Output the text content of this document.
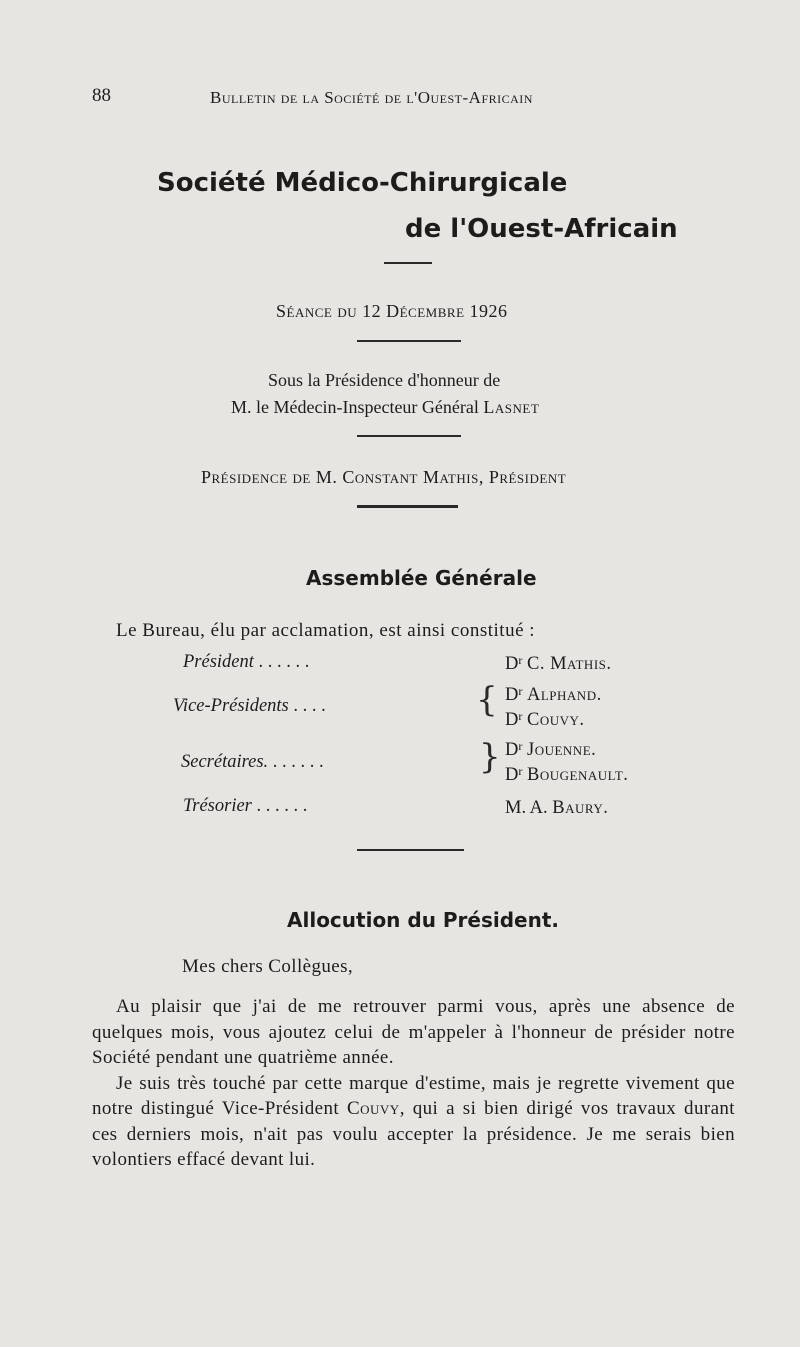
88	Bulletin de la Société de l'Ouest-Africain
Société Médico-Chirurgicale
de l'Ouest-Africain
Séance du 12 Décembre 1926
Sous la Présidence d'honneur de
M. le Médecin-Inspecteur Général Lasnet
Présidence de M. Constant Mathis, Président
Assemblée Générale
Le Bureau, élu par acclamation, est ainsi constitué :
Président . . . . . .	$D^r$ C. Mathis.
Vice-Présidents . . . .	{ $D^r$ Alphand.
$D^r$ Couvy.
Secrétaires. . . . . . .	} $D^r$ Jouenne.
$D^r$ Bougenault.
Trésorier . . . . . .	M. A. Baury.
Allocution du Président.
Mes chers Collègues,

Au plaisir que j'ai de me retrouver parmi vous, après une absence de quelques mois, vous ajoutez celui de m'appeler à l'honneur de présider notre Société pendant une quatrième année.

Je suis très touché par cette marque d'estime, mais je regrette vivement que notre distingué Vice-Président Couvy, qui a si bien dirigé vos travaux durant ces derniers mois, n'ait pas voulu accepter la présidence. Je me serais bien volontiers effacé devant lui.
